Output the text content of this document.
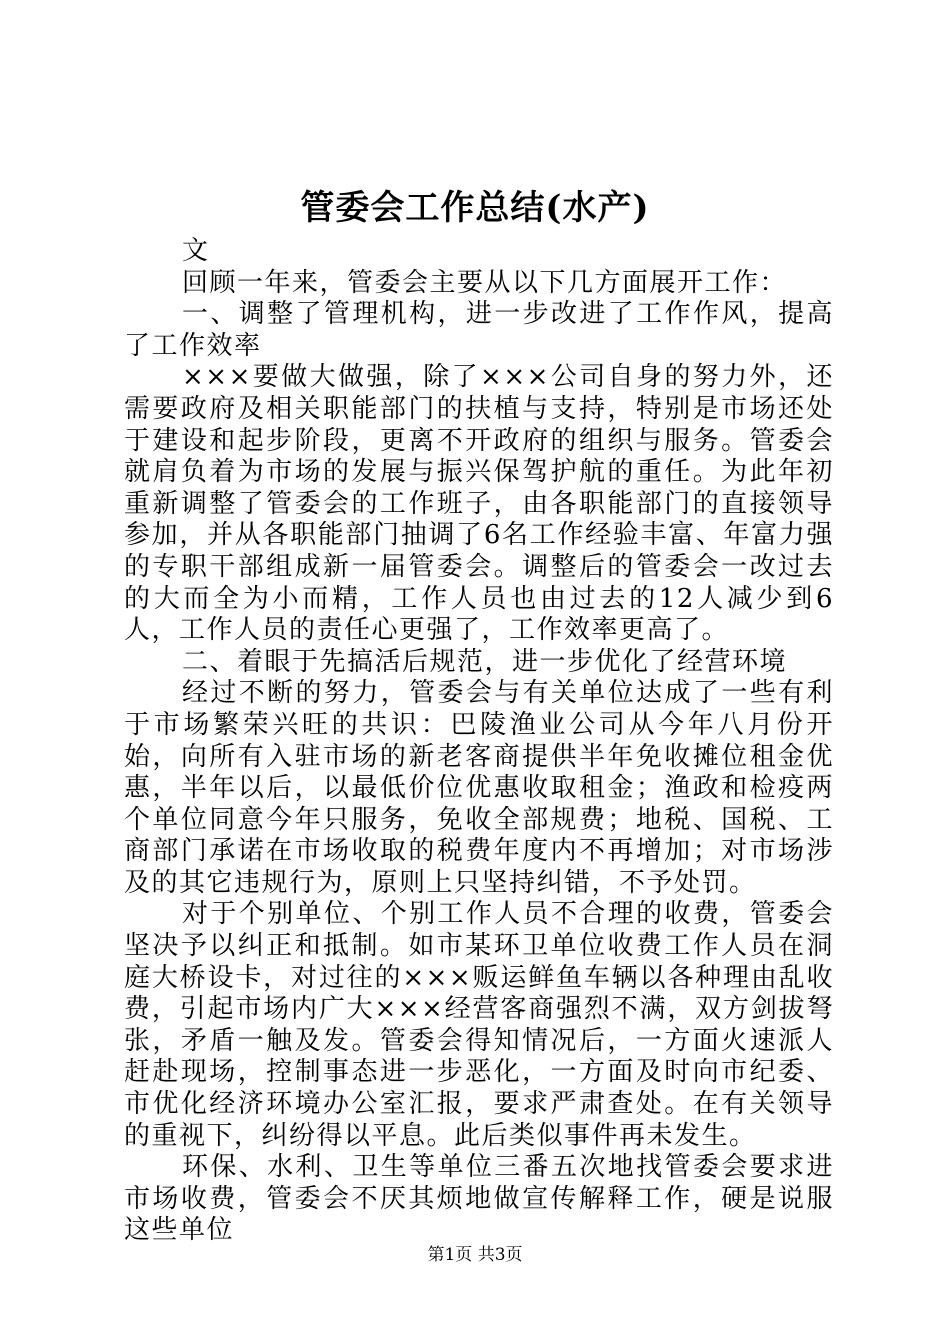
管委会工作总结(水产)

文

回顾一年来，管委会主要从以下几方面展开工作：

一、调整了管理机构，进一步改进了工作作风，提高了工作效率

×××要做大做强，除了×××公司自身的努力外，还需要政府及相关职能部门的扶植与支持，特别是市场还处于建设和起步阶段，更离不开政府的组织与服务。管委会就肩负着为市场的发展与振兴保驾护航的重任。为此年初重新调整了管委会的工作班子，由各职能部门的直接领导参加，并从各职能部门抽调了6名工作经验丰富、年富力强的专职干部组成新一届管委会。调整后的管委会一改过去的大而全为小而精，工作人员也由过去的12人减少到6人，工作人员的责任心更强了，工作效率更高了。

二、着眼于先搞活后规范，进一步优化了经营环境

经过不断的努力，管委会与有关单位达成了一些有利于市场繁荣兴旺的共识：巴陵渔业公司从今年八月份开始，向所有入驻市场的新老客商提供半年免收摊位租金优惠，半年以后，以最低价位优惠收取租金；渔政和检疫两个单位同意今年只服务，免收全部规费；地税、国税、工商部门承诺在市场收取的税费年度内不再增加；对市场涉及的其它违规行为，原则上只坚持纠错，不予处罚。

对于个别单位、个别工作人员不合理的收费，管委会坚决予以纠正和抵制。如市某环卫单位收费工作人员在洞庭大桥设卡，对过往的×××贩运鲜鱼车辆以各种理由乱收费，引起市场内广大×××经营客商强烈不满，双方剑拔弩张，矛盾一触及发。管委会得知情况后，一方面火速派人赶赴现场，控制事态进一步恶化，一方面及时向市纪委、市优化经济环境办公室汇报，要求严肃查处。在有关领导的重视下，纠纷得以平息。此后类似事件再未发生。

环保、水利、卫生等单位三番五次地找管委会要求进市场收费，管委会不厌其烦地做宣传解释工作，硬是说服这些单位

第1页 共3页
